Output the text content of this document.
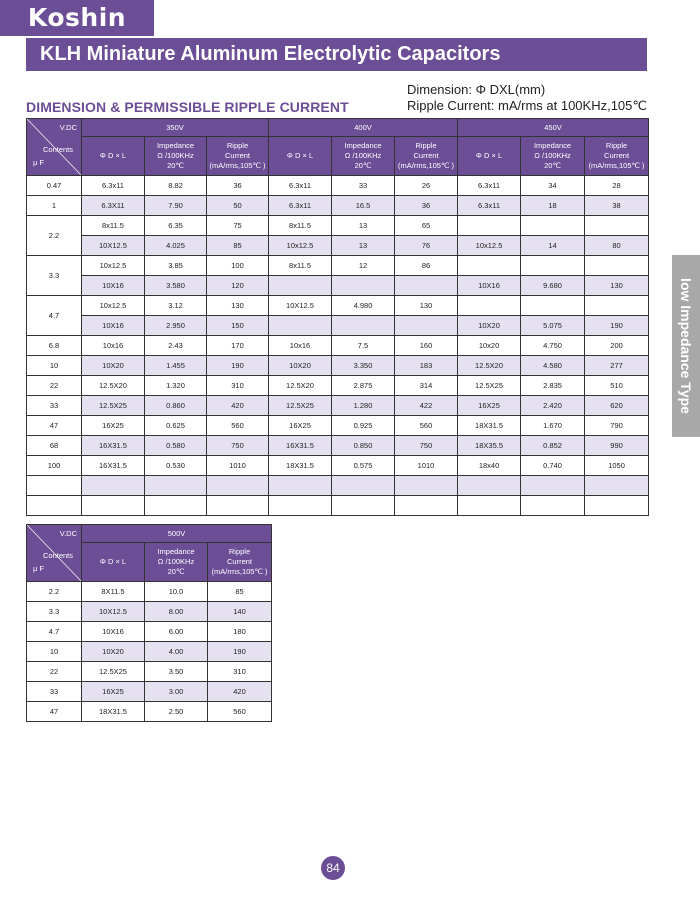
Koshin
KLH Miniature Aluminum Electrolytic Capacitors
Dimension: Φ DXL(mm)
Ripple Current: mA/rms at 100KHz,105℃
DIMENSION & PERMISSIBLE RIPPLE CURRENT
low Impedance Type
V.DC
Contents
μ F	350V			400V			450V		
	Φ D × L	Impedance
Ω /100KHz
20℃	Ripple
Current
(mA/rms,105℃ )	Φ D × L	Impedance
Ω /100KHz
20℃	Ripple
Current
(mA/rms,105℃ )	Φ D × L	Impedance
Ω /100KHz
20℃	Ripple
Current
(mA/rms,105℃ )
0.47	6.3x11	8.82	36	6.3x11	33	26	6.3x11	34	28
1	6.3X11	7.90	50	6.3x11	16.5	36	6.3x11	18	38
2.2	8x11.5	6.35	75	8x11.5	13	65			
	10X12.5	4.025	85	10x12.5	13	76	10x12.5	14	80
3.3	10x12.5	3.85	100	8x11.5	12	86			
	10X16	3.580	120				10X16	9.680	130
4.7	10x12.5	3.12	130	10X12.5	4.980	130			
	10X16	2.950	150				10X20	5.075	190
6.8	10x16	2.43	170	10x16	7.5	160	10x20	4.750	200
10	10X20	1.455	190	10X20	3.350	183	12.5X20	4.580	277
22	12.5X20	1.320	310	12.5X20	2.875	314	12.5X25	2.835	510
33	12.5X25	0.860	420	12.5X25	1.280	422	16X25	2.420	620
47	16X25	0.625	560	16X25	0.925	560	18X31.5	1.670	790
68	16X31.5	0.580	750	16X31.5	0.850	750	18X35.5	0.852	990
100	16X31.5	0.530	1010	18X31.5	0.575	1010	18x40	0.740	1050

V.DC
Contents
μ F	500V		
	Φ D × L	Impedance
Ω /100KHz
20℃	Ripple
Current
(mA/rms,105℃ )
2.2	8X11.5	10.0	85
3.3	10X12.5	8.00	140
4.7	10X16	6.00	180
10	10X20	4.00	190
22	12.5X25	3.50	310
33	16X25	3.00	420
47	18X31.5	2.50	560
84
